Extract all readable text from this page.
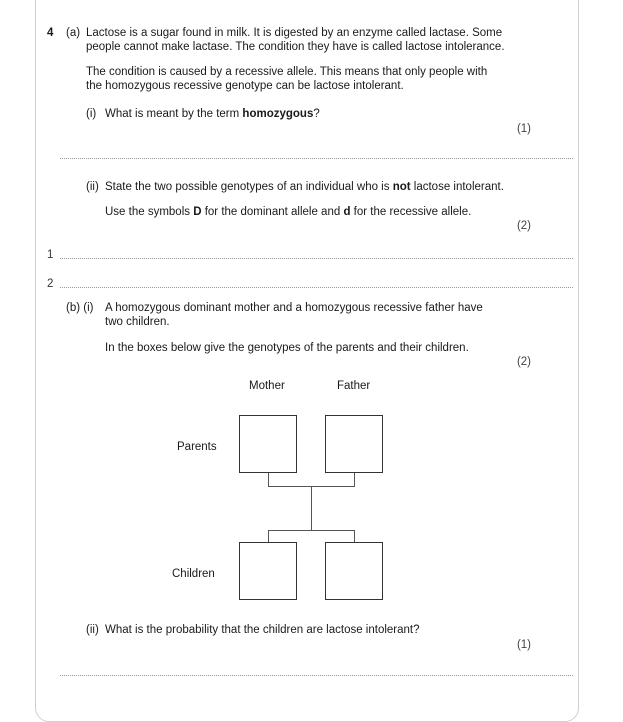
4 (a) Lactose is a sugar found in milk. It is digested by an enzyme called lactase. Some
people cannot make lactase. The condition they have is called lactose intolerance.
The condition is caused by a recessive allele. This means that only people with
the homozygous recessive genotype can be lactose intolerant.
(i) What is meant by the term homozygous?
(1)
(ii) State the two possible genotypes of an individual who is not lactose intolerant.
Use the symbols D for the dominant allele and d for the recessive allele.
(2)
1
2
(b) (i) A homozygous dominant mother and a homozygous recessive father have
two children.
In the boxes below give the genotypes of the parents and their children.
(2)
Mother	Father
Parents
Children
(ii) What is the probability that the children are lactose intolerant?
(1)
